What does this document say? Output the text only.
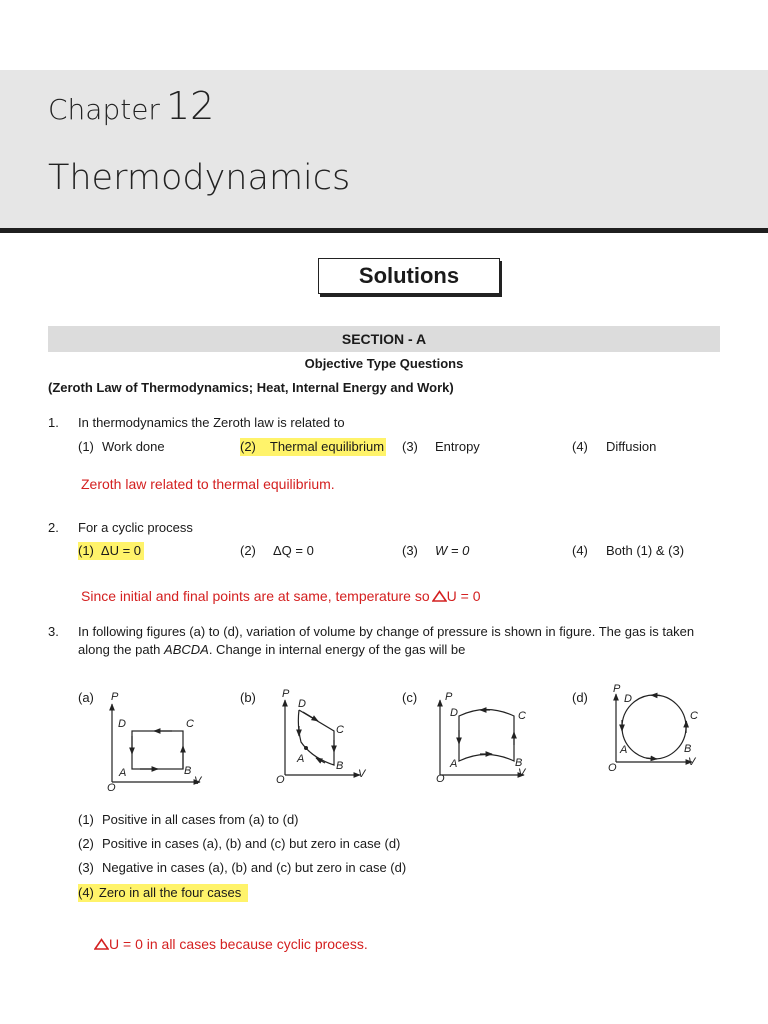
Chapter 12
Thermodynamics
Solutions
SECTION - A
Objective Type Questions
(Zeroth Law of Thermodynamics; Heat, Internal Energy and Work)
1. In thermodynamics the Zeroth law is related to
(1) Work done	(2) Thermal equilibrium (3) Entropy	(4) Diffusion
Zeroth law related to thermal equilibrium.
2. For a cyclic process
(1) ΔU = 0	(2) ΔQ = 0	(3) W = 0	(4) Both (1) & (3)
Since initial and final points are at same, temperature so U = 0
3. In following figures (a) to (d), variation of volume by change of pressure is shown in figure. The gas is taken
along the path ABCDA. Change in internal energy of the gas will be
(a)	(b)	(c)	(d)
P
O
V
D	C
A	B
P
O	V
D
C
A
B
P
O	V
D	C
A	B
P
O	V
D
C
A	B
(1) Positive in all cases from (a) to (d)
(2) Positive in cases (a), (b) and (c) but zero in case (d)
(3) Negative in cases (a), (b) and (c) but zero in case (d)
(4) Zero in all the four cases
U = 0 in all cases because cyclic process.
